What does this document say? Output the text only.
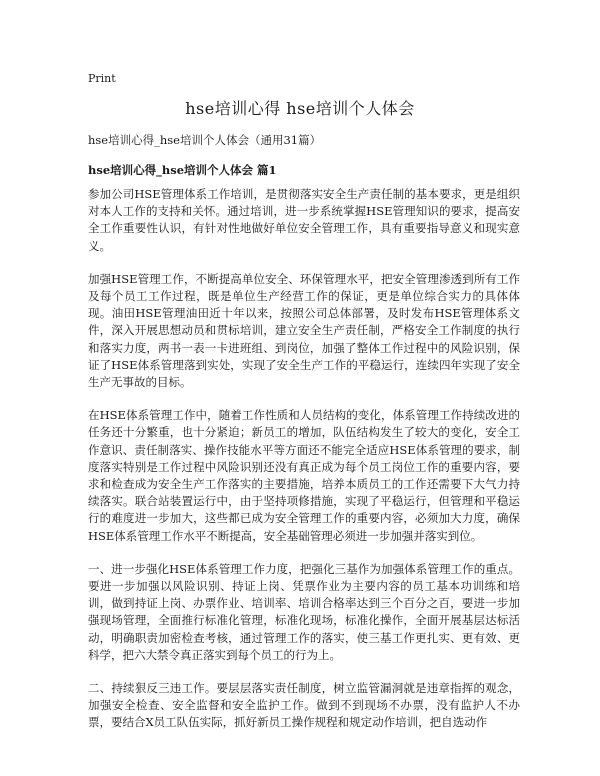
Print
hse培训心得 hse培训个人体会
hse培训心得_hse培训个人体会（通用31篇）
hse培训心得_hse培训个人体会 篇1

参加公司HSE管理体系工作培训，是贯彻落实安全生产责任制的基本要求，更是组织对本人工作的支持和关怀。通过培训，进一步系统掌握HSE管理知识的要求，提高安全工作重要性认识，有针对性地做好单位安全管理工作，具有重要指导意义和现实意义。

加强HSE管理工作，不断提高单位安全、环保管理水平，把安全管理渗透到所有工作及每个员工工作过程，既是单位生产经营工作的保证，更是单位综合实力的具体体现。油田HSE管理油田近十年以来，按照公司总体部署，及时发布HSE管理体系文件，深入开展思想动员和贯标培训，建立安全生产责任制，严格安全工作制度的执行和落实力度，两书一表一卡进班组、到岗位，加强了整体工作过程中的风险识别，保证了HSE体系管理落到实处，实现了安全生产工作的平稳运行，连续四年实现了安全生产无事故的目标。

在HSE体系管理工作中，随着工作性质和人员结构的变化，体系管理工作持续改进的任务还十分繁重，也十分紧迫；新员工的增加，队伍结构发生了较大的变化，安全工作意识、责任制落实、操作技能水平等方面还不能完全适应HSE体系管理的要求，制度落实特别是工作过程中风险识别还没有真正成为每个员工岗位工作的重要内容，要求和检查成为安全生产工作落实的主要措施，培养本质员工的工作还需要下大气力持续落实。联合站装置运行中，由于坚持项修措施，实现了平稳运行，但管理和平稳运行的难度进一步加大，这些都已成为安全管理工作的重要内容，必须加大力度，确保HSE体系管理工作水平不断提高，安全基础管理必须进一步加强并落实到位。

一、进一步强化HSE体系管理工作力度，把强化三基作为加强体系管理工作的重点。要进一步加强以风险识别、持证上岗、凭票作业为主要内容的员工基本功训练和培训，做到持证上岗、办票作业、培训率、培训合格率达到三个百分之百，要进一步加强现场管理，全面推行标准化管理，标准化现场，标准化操作，全面开展基层达标活动，明确职责加密检查考核，通过管理工作的落实，使三基工作更扎实、更有效、更科学，把六大禁令真正落实到每个员工的行为上。

二、持续狠反三违工作。要层层落实责任制度，树立监管漏洞就是违章指挥的观念，加强安全检查、安全监督和安全监护工作。做到不到现场不办票，没有监护人不办票，要结合X员工队伍实际，抓好新员工操作规程和规定动作培训，把自选动作
